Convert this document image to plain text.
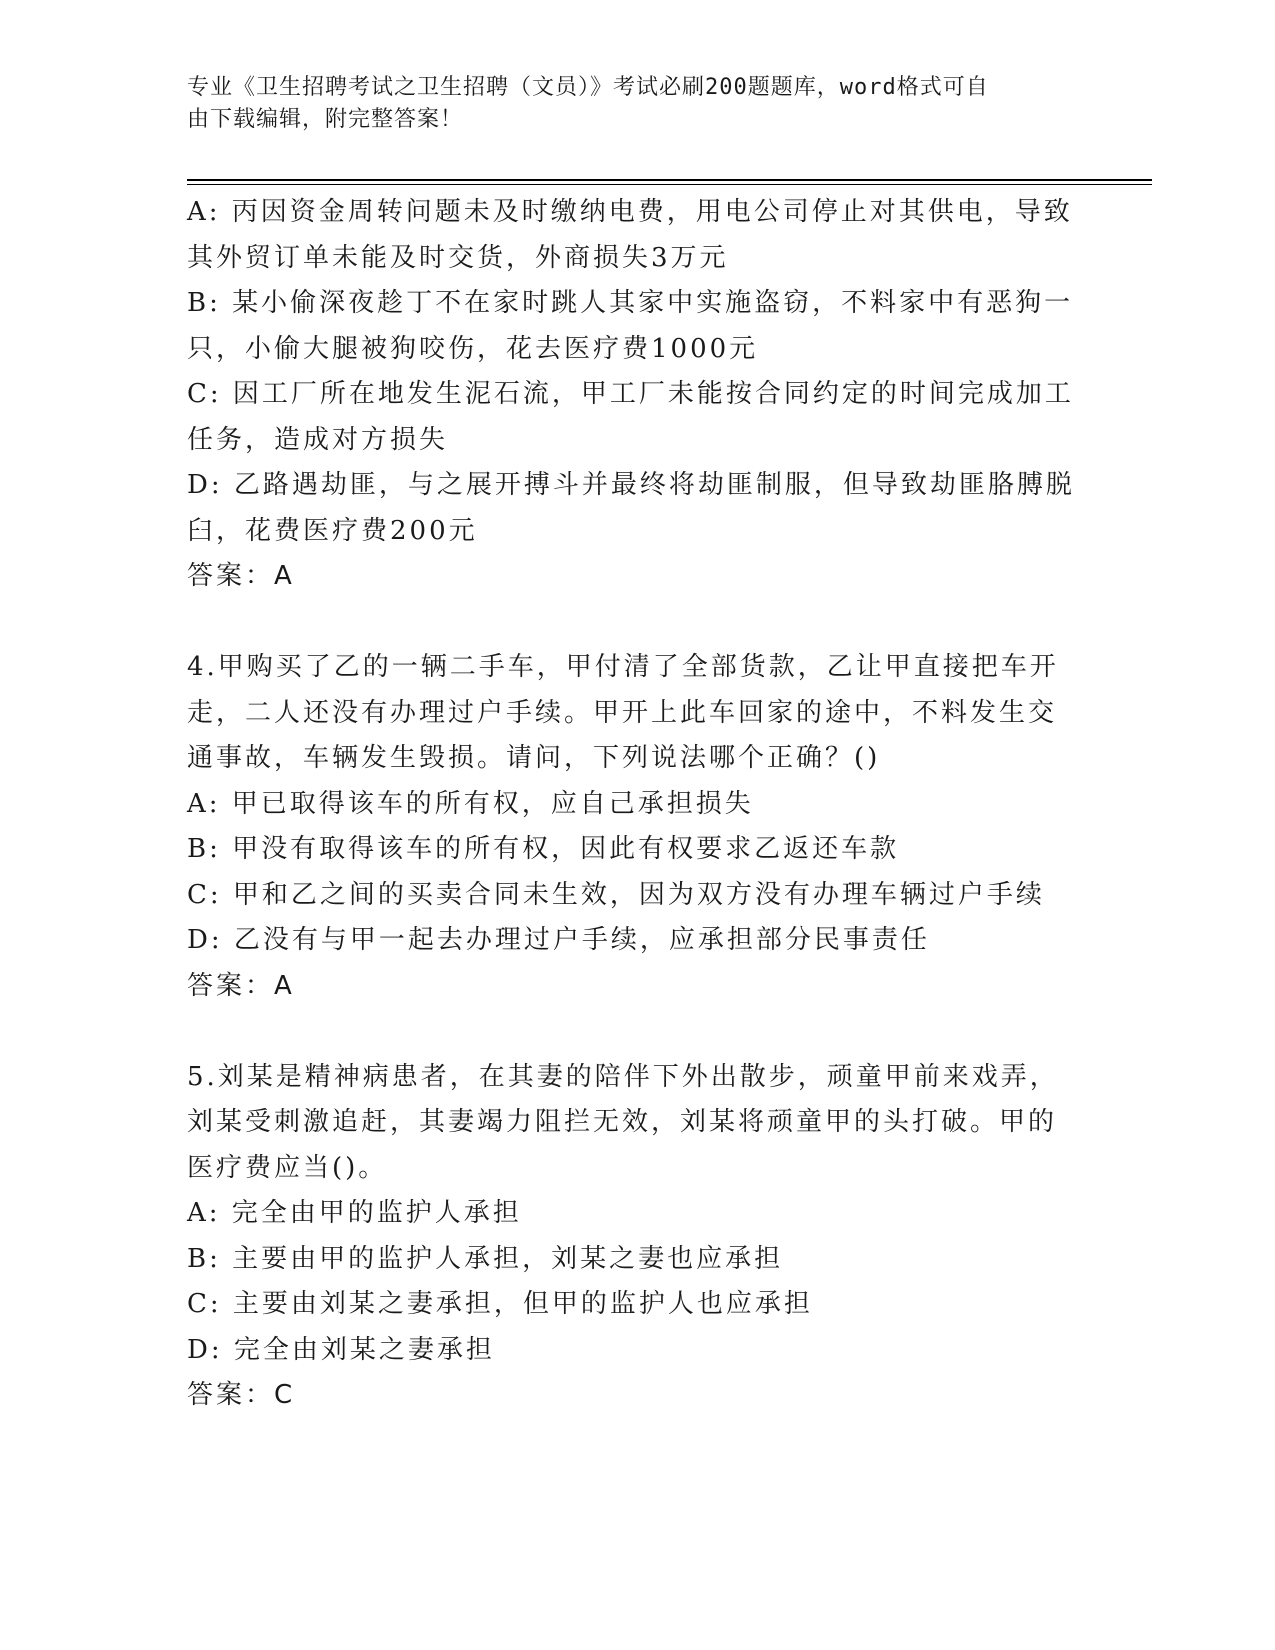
专业《卫生招聘考试之卫生招聘（文员）》考试必刷200题题库，word格式可自
由下载编辑，附完整答案！
A: 丙因资金周转问题未及时缴纳电费，用电公司停止对其供电，导致
其外贸订单未能及时交货，外商损失3万元
B: 某小偷深夜趁丁不在家时跳人其家中实施盗窃，不料家中有恶狗一
只，小偷大腿被狗咬伤，花去医疗费1000元
C: 因工厂所在地发生泥石流，甲工厂未能按合同约定的时间完成加工
任务，造成对方损失
D: 乙路遇劫匪，与之展开搏斗并最终将劫匪制服，但导致劫匪胳膊脱
臼，花费医疗费200元
答案：A
4.甲购买了乙的一辆二手车，甲付清了全部货款，乙让甲直接把车开
走，二人还没有办理过户手续。甲开上此车回家的途中，不料发生交
通事故，车辆发生毁损。请问，下列说法哪个正确？()
A: 甲已取得该车的所有权，应自己承担损失
B: 甲没有取得该车的所有权，因此有权要求乙返还车款
C: 甲和乙之间的买卖合同未生效，因为双方没有办理车辆过户手续
D: 乙没有与甲一起去办理过户手续，应承担部分民事责任
答案：A
5.刘某是精神病患者，在其妻的陪伴下外出散步，顽童甲前来戏弄，
刘某受刺激追赶，其妻竭力阻拦无效，刘某将顽童甲的头打破。甲的
医疗费应当()。
A: 完全由甲的监护人承担
B: 主要由甲的监护人承担，刘某之妻也应承担
C: 主要由刘某之妻承担，但甲的监护人也应承担
D: 完全由刘某之妻承担
答案：C
